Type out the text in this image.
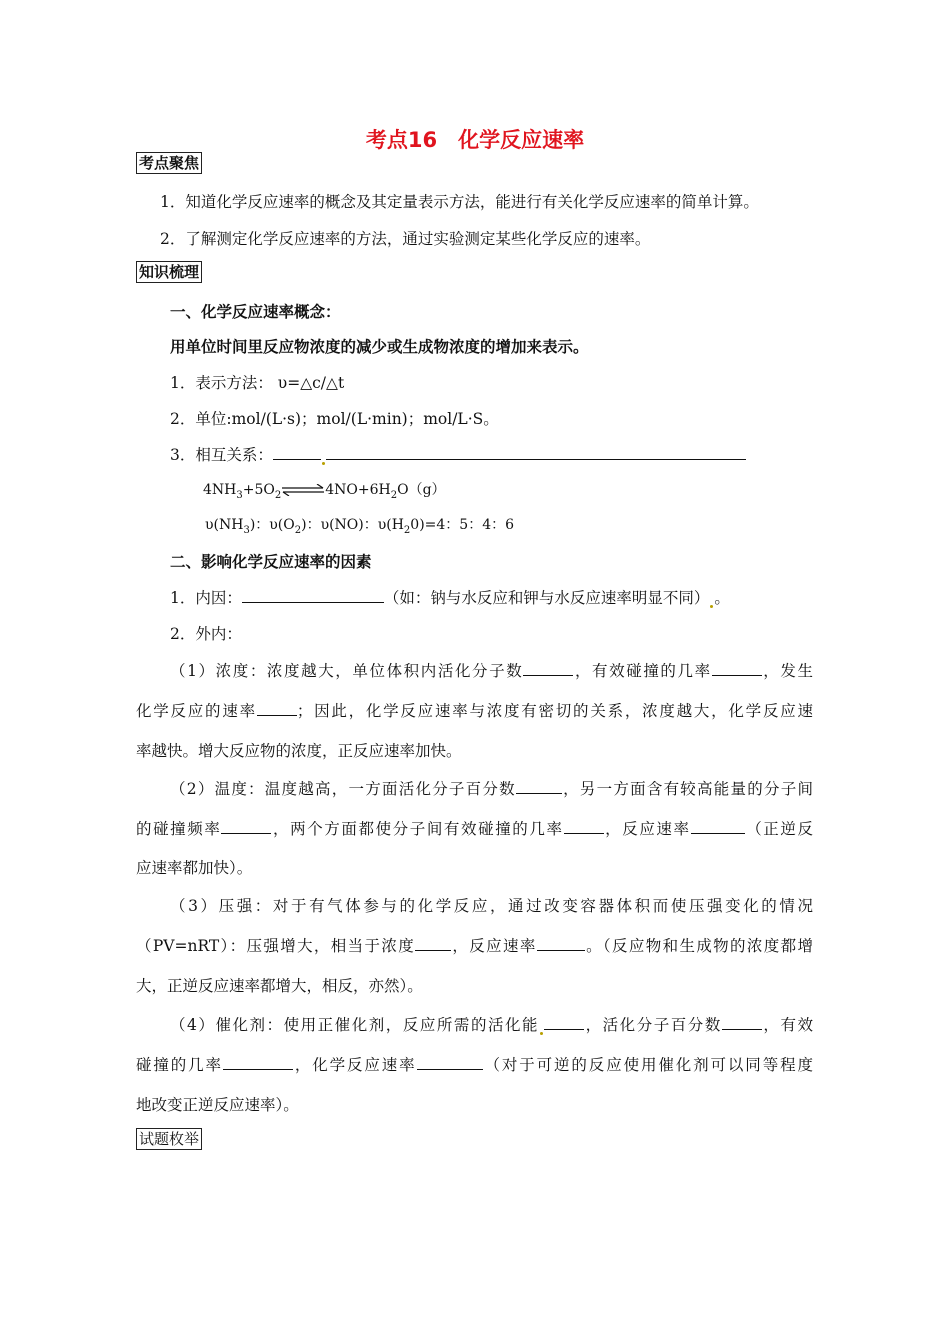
考点16　化学反应速率
考点聚焦
1．知道化学反应速率的概念及其定量表示方法，能进行有关化学反应速率的简单计算。
2．了解测定化学反应速率的方法，通过实验测定某些化学反应的速率。
知识梳理
一、化学反应速率概念：
用单位时间里反应物浓度的减少或生成物浓度的增加来表示。
1．表示方法： υ=△c/△t
2．单位:mol/(L·s)；mol/(L·min)；mol/L·S。
3．相互关系：
$4NH_3+5O_2\rightleftharpoons 4NO+6H_2O(g)$
$\upsilon(NH_3)$：$\upsilon(O_2)$：υ(NO)：$\upsilon(H_20)=4$：5：4：6
二、影响化学反应速率的因素
1．内因：	（如：钠与水反应和钾与水反应速率明显不同） 。
2．外内：
（1）浓度：浓度越大，单位体积内活化分子数	，有效碰撞的几率	，发生
化学反应的速率	；因此，化学反应速率与浓度有密切的关系，浓度越大，化学反应速
率越快。增大反应物的浓度，正反应速率加快。
（2）温度：温度越高，一方面活化分子百分数	，另一方面含有较高能量的分子间
的碰撞频率	，两个方面都使分子间有效碰撞的几率	，反应速率	（正逆反
应速率都加快）。
（3）压强：对于有气体参与的化学反应，通过改变容器体积而使压强变化的情况
（PV=nRT）：压强增大，相当于浓度 ，反应速率	。（反应物和生成物的浓度都增
大，正逆反应速率都增大，相反，亦然）。
（4）催化剂：使用正催化剂，反应所需的活化能	，活化分子百分数	，有效
碰撞的几率	，化学反应速率	（对于可逆的反应使用催化剂可以同等程度
地改变正逆反应速率）。
试题枚举
